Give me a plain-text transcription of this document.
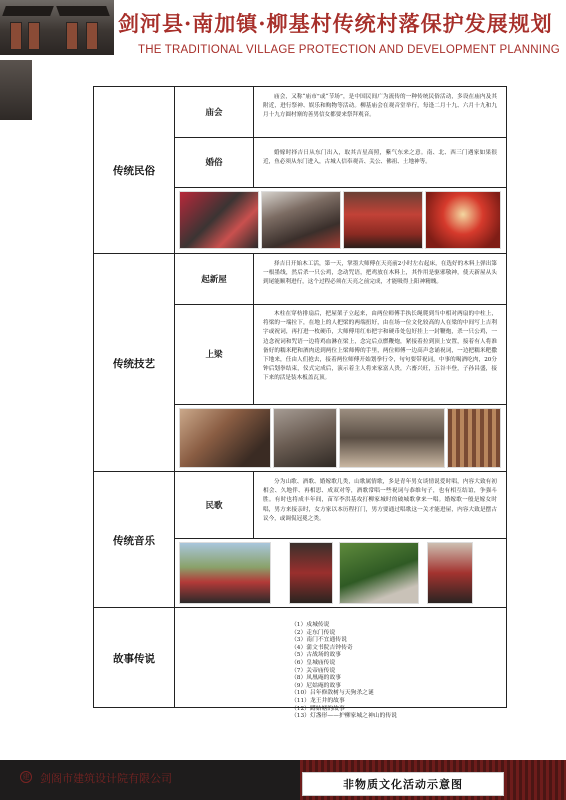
剑河县·南加镇·柳基村传统村落保护发展规划
THE TRADITIONAL VILLAGE PROTECTION AND DEVELOPMENT PLANNING
传统民俗
庙会
庙会，又称“庙市”或“节场”，是中国民间广为流传的一种传统民俗活动，多设在庙内及其附近，进行祭神、娱乐和购物等活动。柳基庙会在观音堂举行，每逢二月十九、六月十九和九月十九方圆村寨的善男信女都要来祭拜观音。
婚俗
婚嫁时择吉日从东门出入，取其吉星高照，紫气东来之意。南、北、西三门遇家如果很近，鱼必须从东门进入，古城人信奉观音、关公、佛祖、土地神等。
传统技艺
起新屋
择吉日开始木工活，第一天，掌墨大师傅在天亮前2小时左右起床，在选好的木料上弹出第一根墨线，然后杀一只公鸡，念动咒语，把鸡放在木料上，其作用是驱邪敬神，使天新屋从头到尾能顺利进行，这个过程必须在天亮之前完成，才能吸得上阳神精魄。
上梁
木柱在穿枋排扇后，把屋架子立起来，由两位师傅手执长绳爬到当中相对两扇的中柱上，将梁的一端拉下，在地上的人把梁的两端扭好，由在场一位文化较高的人在梁的中间写上吉利字或祝词，再打进一枚硬币，大师傅用红布把字和硬币处包好挂上一封鞭炮，杀一只公鸡，一边念祝词和咒语一边将鸡血淋在梁上，念完后点燃鞭炮，紧接着拉到顶上安置，接着有人将准备好的糯米粑和酒肉送到两位上梁师傅的手里，两位师傅一边高声念诵祝词，一边把糯米粑撒下地来，任由人们抢去，接着两位师傅开始划拳行令，句句要带祝词，中事的喝酒吃肉，20分钟后划拳结束，仪式完成后，演示着主人将来家富人贵，六畜兴旺，五谷丰登，子孙昌盛，接下来的活是装木板盖瓦顶。
传统音乐
民歌
分为山歌、酒歌、婚嫁歌几类，山歌属情歌，多是青年男女谈情说爱时唱，内容大致有初相会、久地伴、再相思、成双对等，酒歌常唱一些祝词与恭维句子，也有相互结谊，争强斗胜。有时也将成丰年间，苗军李洪基攻打柳家城时的破城歌拿来一唱。婚嫁歌一般是嫁女时唱，男方来接亲时，女方家以本历程打门，男方要通过唱歌这一关才能进屋，内容大致是摆古议今，或调侃冠冕之类。
故事传说
（1）戍城传说
（2）走东门传说
（3）南门不宜通传说
（4）蒲文书院吉钟传奇
（5）古战场的故事
（6）皇城庙传说
（7）关帝庙传说
（8）凤凰庵的故事
（9）尼姑庵的故事
（10）吕年修敌树与天狗杀之谜
（11）龙王井的故事
（12）蹲姑塘的故事
（13）灯盏形——护柳家城之神山的传说
建 剑阁市建筑设计院有限公司	非物质文化活动示意图
